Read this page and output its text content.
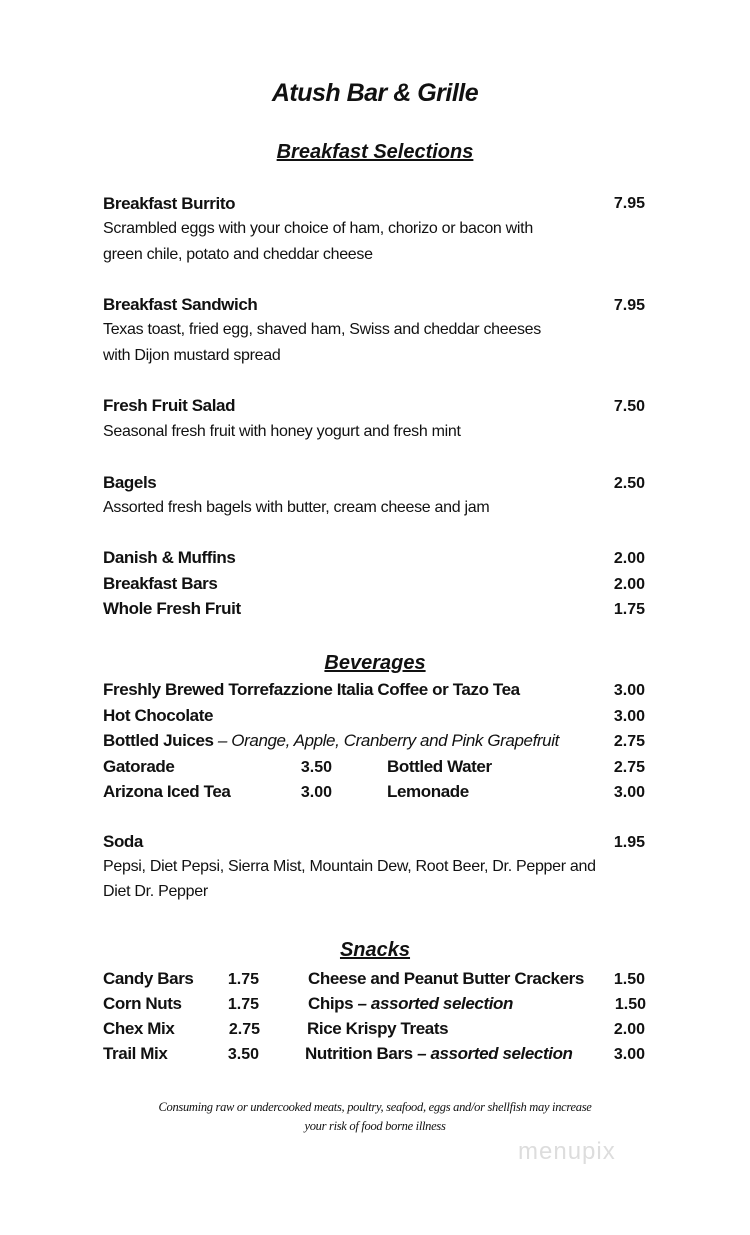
Atush Bar & Grille
Breakfast Selections
Breakfast Burrito	7.95
Scrambled eggs with your choice of ham, chorizo or bacon with
green chile, potato and cheddar cheese
Breakfast Sandwich	7.95
Texas toast, fried egg, shaved ham, Swiss and cheddar cheeses
with Dijon mustard spread
Fresh Fruit Salad	7.50
Seasonal fresh fruit with honey yogurt and fresh mint
Bagels	2.50
Assorted fresh bagels with butter, cream cheese and jam
Danish & Muffins	2.00
Breakfast Bars	2.00
Whole Fresh Fruit	1.75
Beverages
Freshly Brewed Torrefazzione Italia Coffee or Tazo Tea	3.00
Hot Chocolate	3.00
Bottled Juices – Orange, Apple, Cranberry and Pink Grapefruit	2.75
Gatorade	3.50	Bottled Water	2.75
Arizona Iced Tea	3.00	Lemonade	3.00
Soda	1.95
Pepsi, Diet Pepsi, Sierra Mist, Mountain Dew, Root Beer, Dr. Pepper and
Diet Dr. Pepper
Snacks
Candy Bars	1.75	Cheese and Peanut Butter Crackers	1.50
Corn Nuts	1.75	Chips – assorted selection	1.50
Chex Mix	2.75	Rice Krispy Treats	2.00
Trail Mix	3.50	Nutrition Bars – assorted selection	3.00
Consuming raw or undercooked meats, poultry, seafood, eggs and/or shellfish may increase
your risk of food borne illness
menupix
